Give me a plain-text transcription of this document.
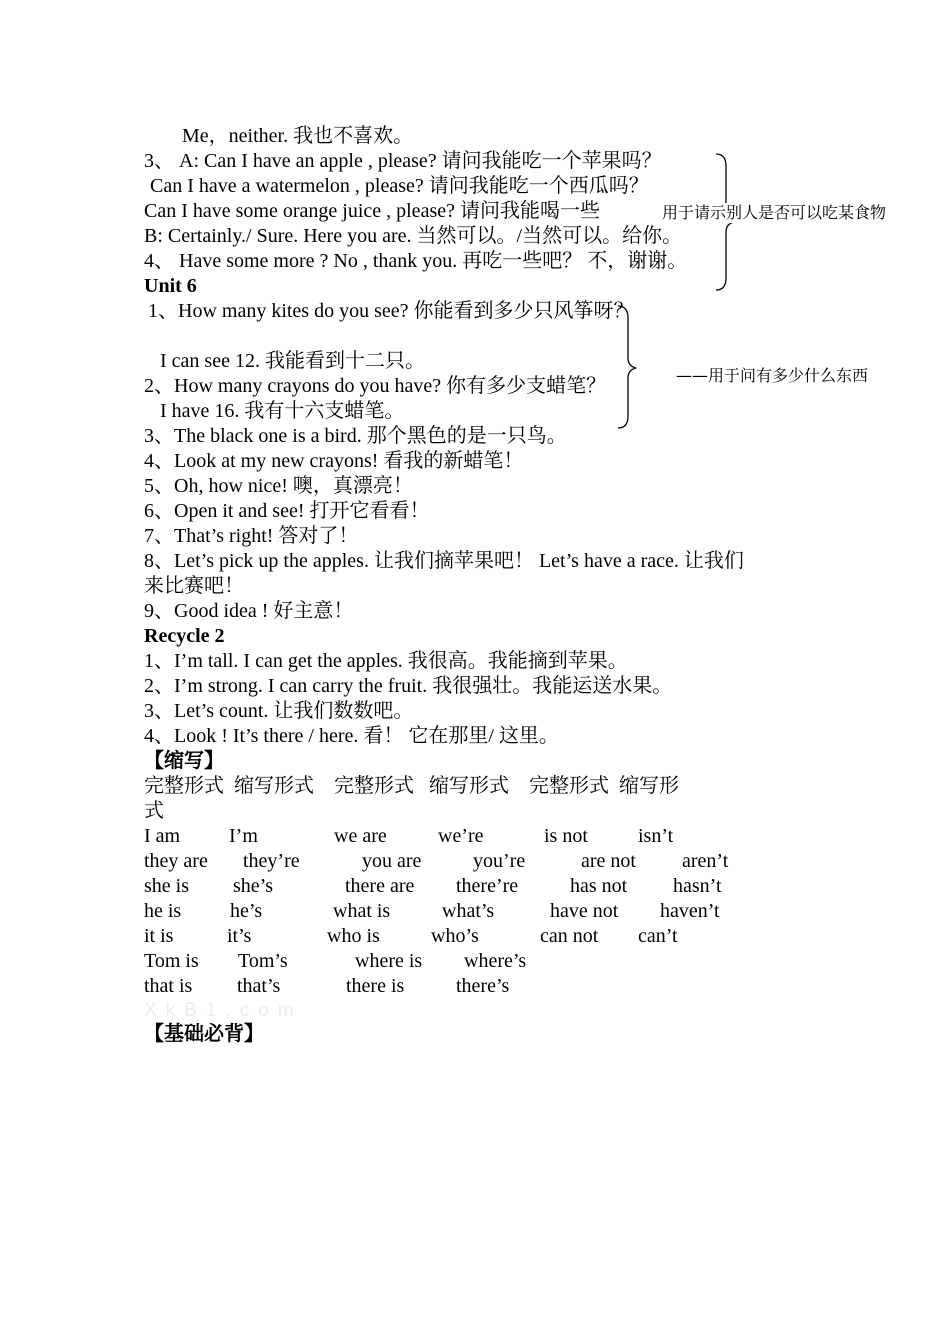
Me，neither. 我也不喜欢。
3、 A: Can I have an apple , please? 请问我能吃一个苹果吗？
Can I have a watermelon , please? 请问我能吃一个西瓜吗？
Can I have some orange juice , please? 请问我能喝一些
B: Certainly./ Sure. Here you are. 当然可以。/当然可以。给你。
4、 Have some more ? No , thank you. 再吃一些吧？ 不，谢谢。
Unit 6
1、How many kites do you see? 你能看到多少只风筝呀？
I can see 12. 我能看到十二只。
2、How many crayons do you have? 你有多少支蜡笔？
I have 16. 我有十六支蜡笔。
3、The black one is a bird. 那个黑色的是一只鸟。
4、Look at my new crayons! 看我的新蜡笔！
5、Oh, how nice! 噢，真漂亮！
6、Open it and see! 打开它看看！
7、That’s right! 答对了！
8、Let’s pick up the apples. 让我们摘苹果吧！ Let’s have a race. 让我们
来比赛吧！
9、Good idea ! 好主意！
Recycle 2
1、I’m tall. I can get the apples. 我很高。我能摘到苹果。
2、I’m strong. I can carry the fruit. 我很强壮。我能运送水果。
3、Let’s count. 让我们数数吧。
4、Look ! It’s there / here. 看！ 它在那里/ 这里。
【缩写】
完整形式  缩写形式    完整形式   缩写形式    完整形式  缩写形
式
用于请示别人是否可以吃某食物
——用于问有多少什么东西
I am I’m	we are	we’re	is not	isn’t
they are they’re	you are	you’re	are not aren’t
she is she’s	there are there’re	has not hasn’t
he is he’s	what is	what’s	have not haven’t
it is	it’s	who is	who’s	can not can’t
Tom is Tom’s	where is where’s
that is that’s	there is	there’s
XkB1.com
【基础必背】
